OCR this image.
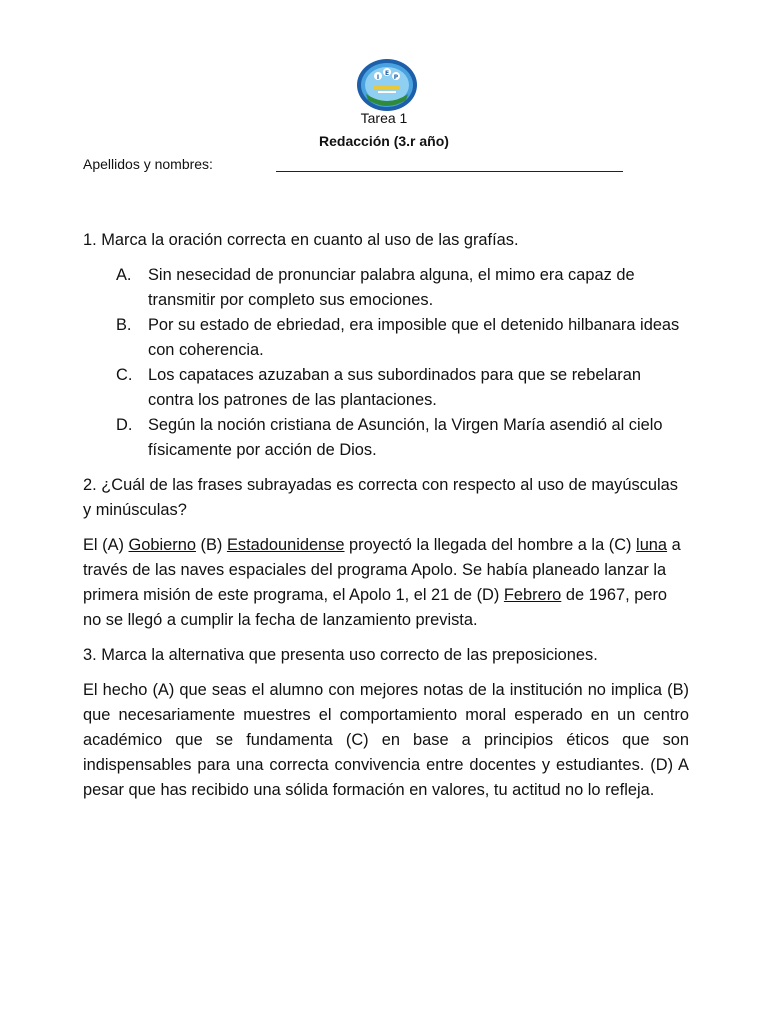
I
E
P
Tarea 1
Redacción (3.r año)
Apellidos y nombres:

1. Marca la oración correcta en cuanto al uso de las grafías.

A. Sin nesecidad de pronunciar palabra alguna, el mimo era capaz de transmitir por completo sus emociones.
B. Por su estado de ebriedad, era imposible que el detenido hilbanara ideas con coherencia.
C. Los capataces azuzaban a sus subordinados para que se rebelaran contra los patrones de las plantaciones.
D. Según la noción cristiana de Asunción, la Virgen María asendió al cielo físicamente por acción de Dios.

2. ¿Cuál de las frases subrayadas es correcta con respecto al uso de mayúsculas y minúsculas?

El (A) Gobierno (B) Estadounidense proyectó la llegada del hombre a la (C) luna a través de las naves espaciales del programa Apolo. Se había planeado lanzar la primera misión de este programa, el Apolo 1, el 21 de (D) Febrero de 1967, pero no se llegó a cumplir la fecha de lanzamiento prevista.

3. Marca la alternativa que presenta uso correcto de las preposiciones.

El hecho (A) que seas el alumno con mejores notas de la institución no implica (B) que necesariamente muestres el comportamiento moral esperado en un centro académico que se fundamenta (C) en base a principios éticos que son indispensables para una correcta convivencia entre docentes y estudiantes. (D) A pesar que has recibido una sólida formación en valores, tu actitud no lo refleja.
